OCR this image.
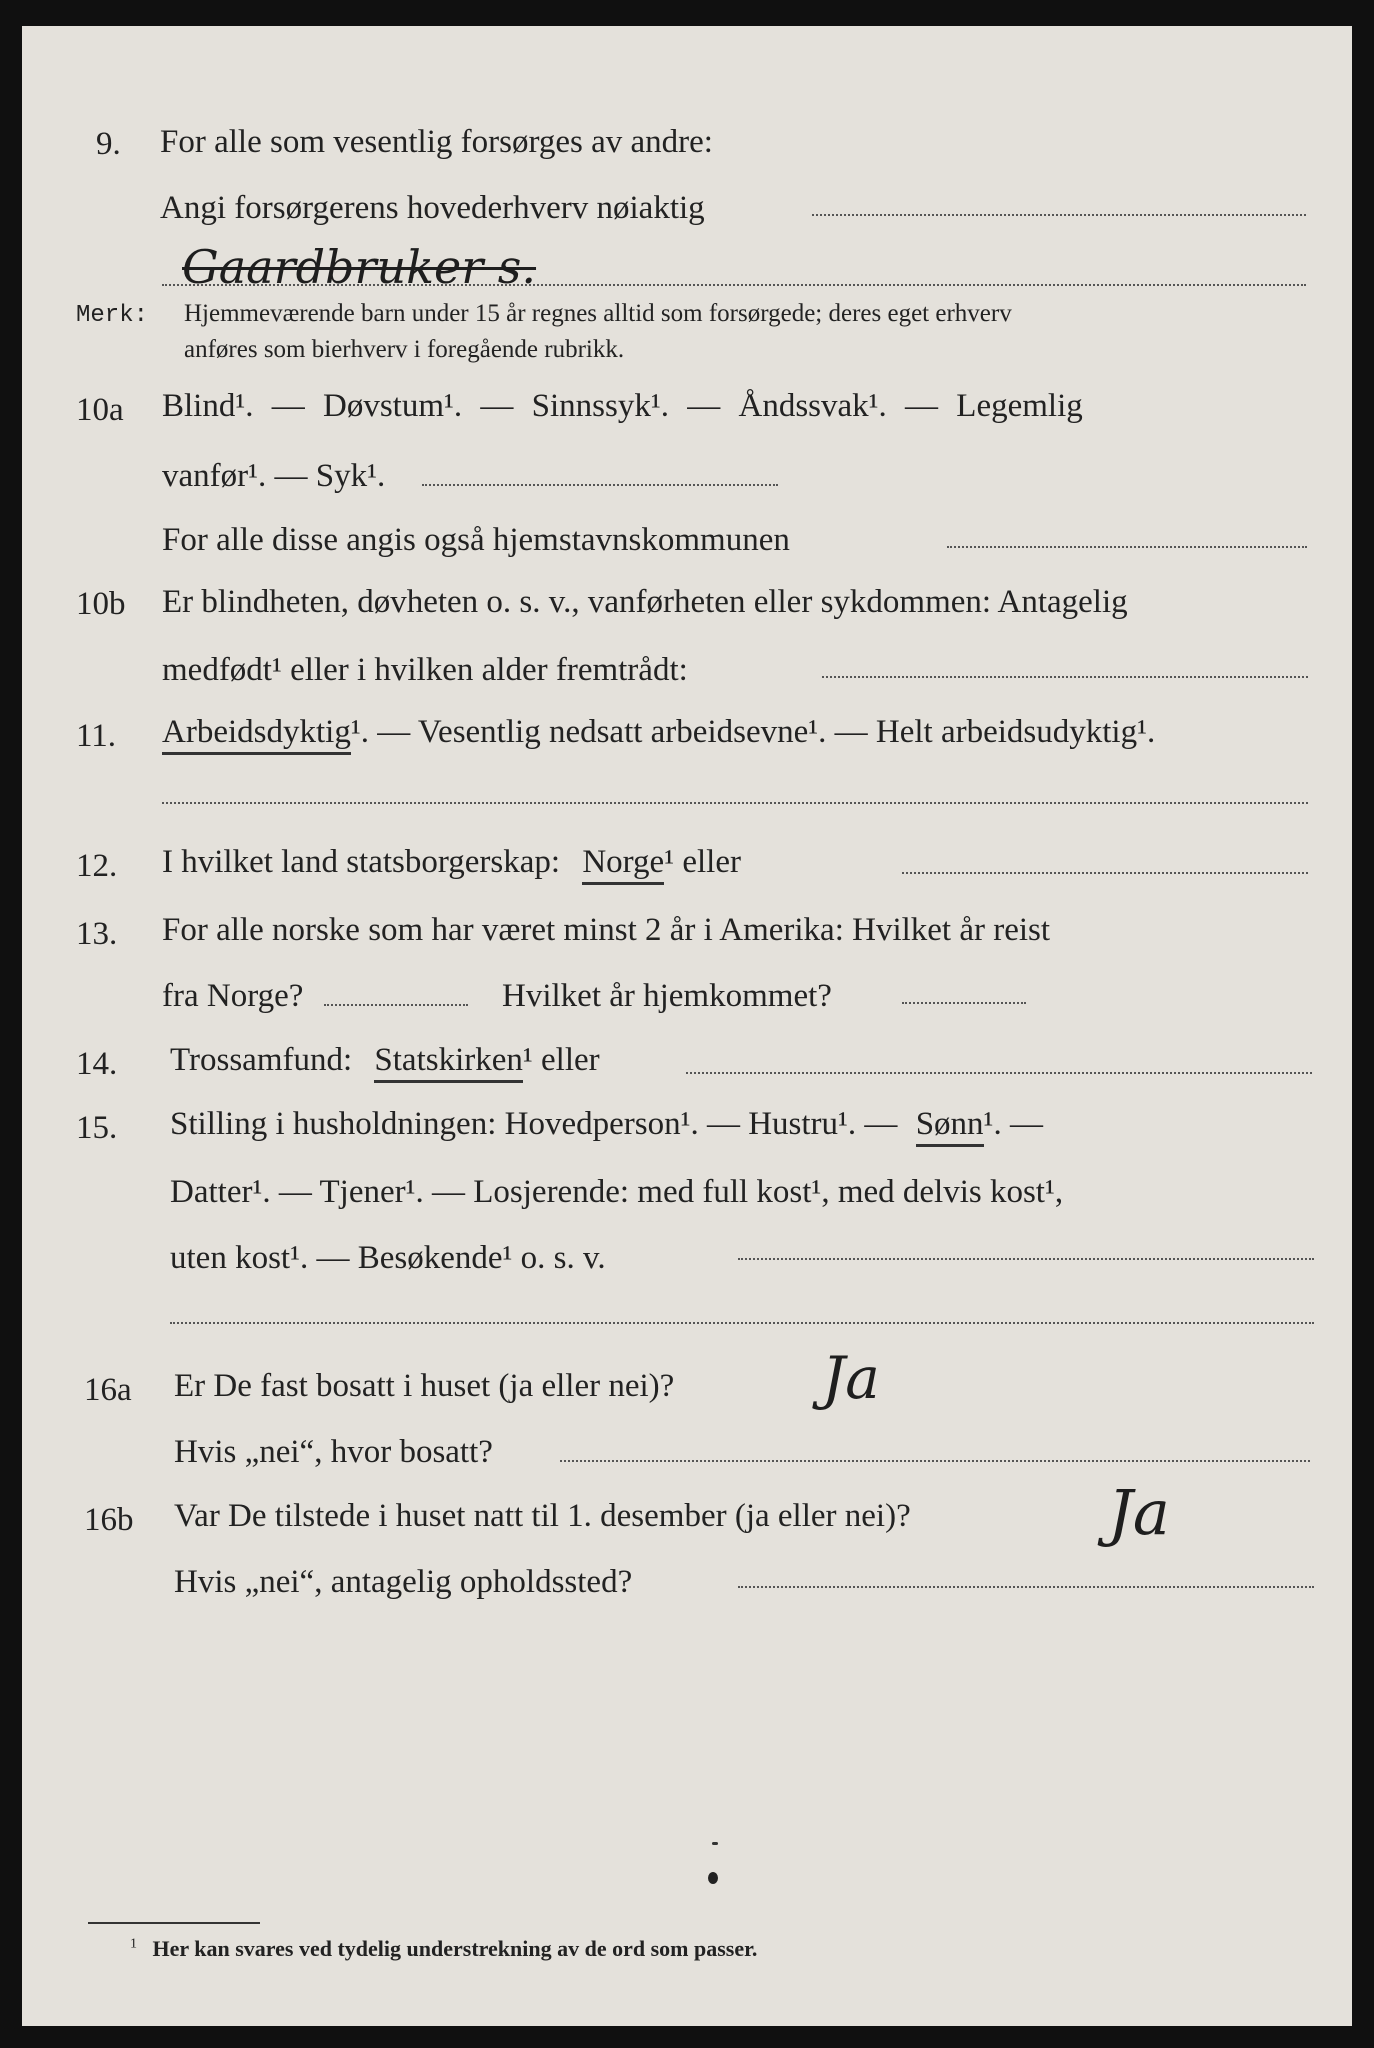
9. For alle som vesentlig forsørges av andre:
Angi forsørgerens hovederhverv nøiaktig
Gaardbruker s.
Merk: Hjemmeværende barn under 15 år regnes alltid som forsørgede; deres eget erhverv
anføres som bierhverv i foregående rubrikk.
10a Blind¹. — Døvstum¹. — Sinnssyk¹. — Åndssvak¹. — Legemlig
vanfør¹. — Syk¹.
For alle disse angis også hjemstavnskommunen
10b Er blindheten, døvheten o. s. v., vanførheten eller sykdommen: Antagelig
medfødt¹ eller i hvilken alder fremtrådt:
11. Arbeidsdyktig¹. — Vesentlig nedsatt arbeidsevne¹. — Helt arbeidsudyktig¹.
12. I hvilket land statsborgerskap: Norge¹ eller
13. For alle norske som har været minst 2 år i Amerika: Hvilket år reist
fra Norge?	Hvilket år hjemkommet?
14. Trossamfund: Statskirken¹ eller
15. Stilling i husholdningen: Hovedperson¹. — Hustru¹. — Sønn¹. —
Datter¹. — Tjener¹. — Losjerende: med full kost¹, med delvis kost¹,
uten kost¹. — Besøkende¹ o. s. v.
16a Er De fast bosatt i huset (ja eller nei)?	Ja
Hvis „nei“, hvor bosatt?
16b Var De tilstede i huset natt til 1. desember (ja eller nei)?	Ja
Hvis „nei“, antagelig opholdssted?
$^1$ Her kan svares ved tydelig understrekning av de ord som passer.
